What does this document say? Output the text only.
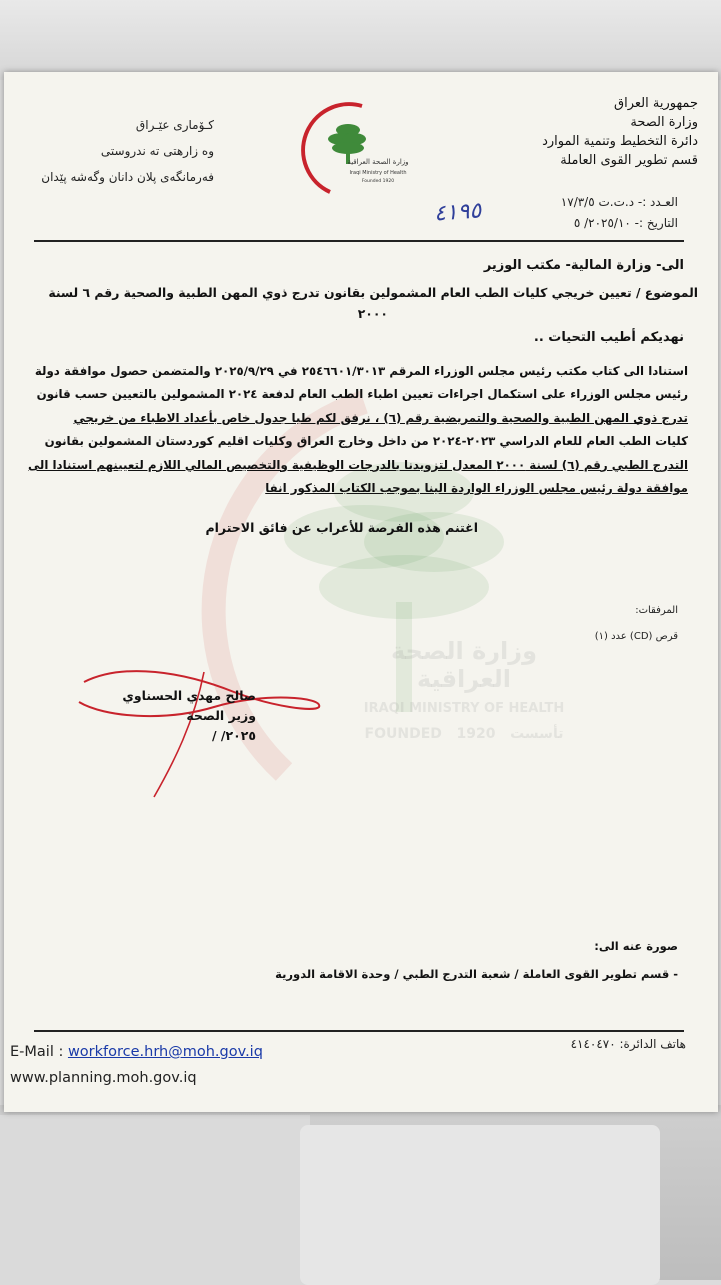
وزارة الصحة العراقية
IRAQI MINISTRY OF HEALTH
FOUNDED 1920 تأسست
جمهورية العراق
وزارة الصحة
دائرة التخطيط وتنمية الموارد
قسم تطوير القوى العاملة
كـۆمارى عێـراق
وه زارهتى ته ندروستى
فەرمانگەی پلان دانان وگەشە پێدان
وزارة الصحة العراقية
Iraqi Ministry of Health
Founded 1920
العـدد :- د.ت.ت ١٧/٣/٥
التاريخ :- ٢٠٢٥/١٠/ ٥
٤١٩٥
الى- وزارة المالية- مكتب الوزير
الموضوع / تعيين خريجي كليات الطب العام المشمولين بقانون تدرج ذوي المهن الطبية والصحية رقم ٦ لسنة
٢٠٠٠
نهديكم أطيب التحيات ..
استنادا الى كتاب مكتب رئيس مجلس الوزراء المرقم ٢٥٤٦٦٠١/٣٠١٣ في ٢٠٢٥/٩/٢٩ والمتضمن حصول موافقة دولة
رئيس مجلس الوزراء على استكمال اجراءات تعيين اطباء الطب العام لدفعة ٢٠٢٤ المشمولين بالتعيين حسب قانون
تدرج ذوي المهن الطبية والصحية والتمريضية رقم (٦) ، نرفق لكم طيا جدول خاص بأعداد الاطباء من خريجي
كليات الطب العام للعام الدراسي ٢٠٢٣-٢٠٢٤ من داخل وخارج العراق وكليات اقليم كوردستان المشمولين بقانون
التدرج الطبي رقم (٦) لسنة ٢٠٠٠ المعدل لتزويدنا بالدرجات الوظيفية والتخصيص المالي اللازم لتعيينهم استنادا الى
موافقة دولة رئيس مجلس الوزراء الواردة الينا بموجب الكتاب المذكور انفا
اغتنم هذه الفرصة للأعراب عن فائق الاحترام
المرفقات:
قرص (CD) عدد (١)
صالح مهدي الحسناوي
وزير الصحة
٢٠٢٥/ /
صورة عنه الى:
- قسم تطوير القوى العاملة / شعبة التدرج الطبي / وحدة الاقامة الدورية
هاتف الدائرة: ٤١٤٠٤٧٠
E-Mail : workforce.hrh@moh.gov.iq
www.planning.moh.gov.iq
